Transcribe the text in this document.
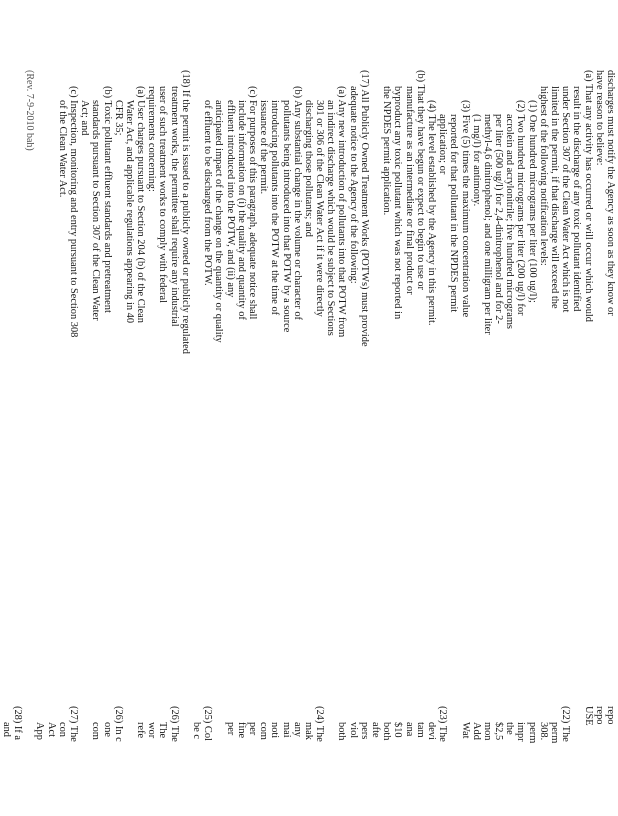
discharges must notify the Agency as soon as they know or
have reason to believe:
(a) That any activity has occurred or will occur which would
result in the discharge of any toxic pollutant identified
under Section 307 of the Clean Water Act which is not
limited in the permit, if that discharge will exceed the
highest of the following notification levels:
(1) One hundred micrograms per liter (100 ug/l);
(2) Two hundred micrograms per liter (200 ug/l) for
acrolein and acrylonitrile; five hundred micrograms
per liter (500 ug/l) for 2,4-dinitrophenol and for 2-
methyl-4,6 dinitrophenol; and one milligram per liter
(1 mg/l) for antimony.
(3) Five (5) times the maximum concentration value
reported for that pollutant in the NPDES permit
application; or
(4) The level established by the Agency in this permit.
(b) That they have begun or expect to begin to use or
manufacture as an intermediate or final product or
byproduct any toxic pollutant which was not reported in
the NPDES permit application.
(17) All Publicly Owned Treatment Works (POTWs) must provide
adequate notice to the Agency of the following:
(a) Any new introduction of pollutants into that POTW from
an indirect discharge which would be subject to Sections
301 or 306 of the Clean Water Act if it were directly
discharging those pollutants; and
(b) Any substantial change in the volume or character of
pollutants being introduced into that POTW by a source
introducing pollutants into the POTW at the time of
issuance of the permit.
(c) For purposes of this paragraph, adequate notice shall
include information on (i) the quality and quantity of
effluent introduced into the POTW, and (ii) any
anticipated impact of the change on the quantity or quality
of effluent to be discharged from the POTW.
(18) If the permit is issued to a publicly owned or publicly regulated
treatment works, the permittee shall require any industrial
user of such treatment works to comply with federal
requirements concerning:
(a) User charges pursuant to Section 204 (b) of the Clean
Water Act, and applicable regulations appearing in 40
CFR 35;
(b) Toxic pollutant effluent standards and pretreatment
standards pursuant to Section 307 of the Clean Water
Act; and
(c) Inspection, monitoring and entry pursuant to Section 308
of the Clean Water Act.
repo
repo
USE
(22) The
perm
308.
perm
impr
the
$2,5
mon
Add
Wat
(23) The
devi
tam
ana
$10
both
afte
pers
viol
both
(24) The
mak
any
mai
noti
com
per
fine
per
(25) Col
be c
(26) The
The
wor
refe
(26) In c
one
com
(27) The
con
Act
App
(28) If a
and
(Rev. 7-9-2010 bah)
